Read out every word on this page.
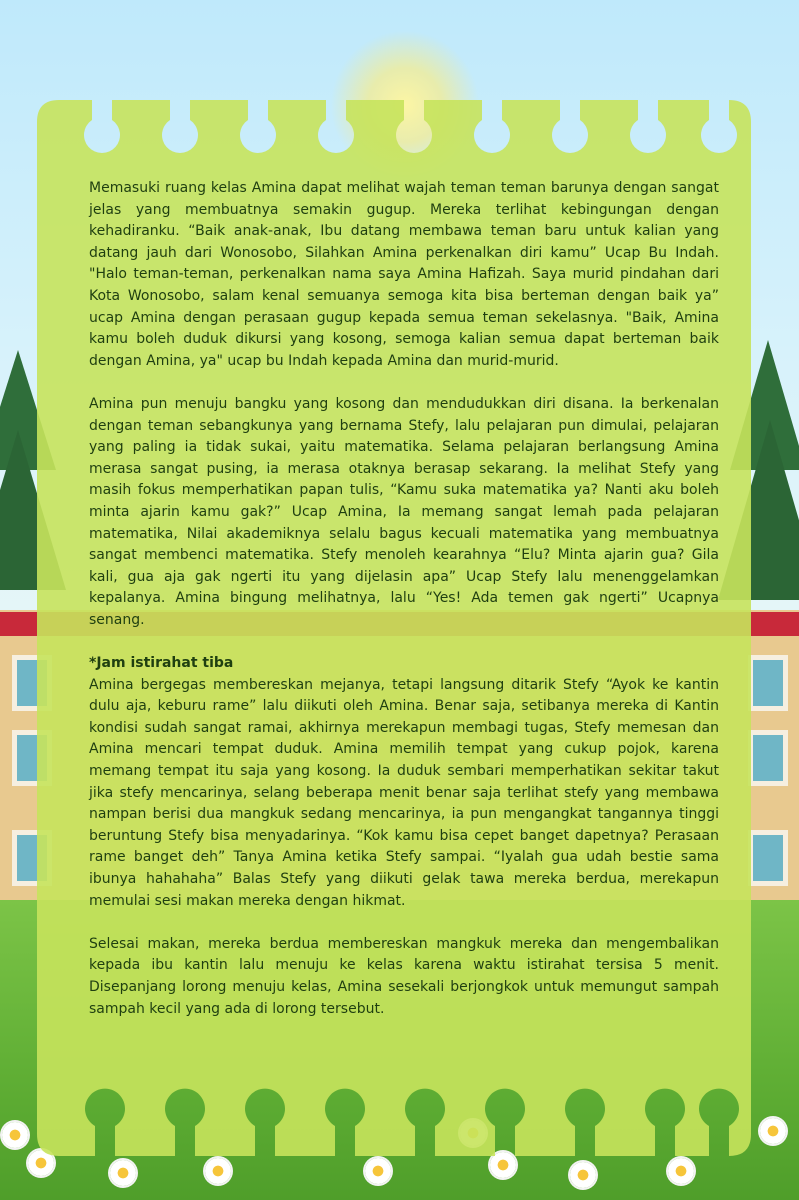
Memasuki ruang kelas Amina dapat melihat wajah teman teman barunya dengan sangat jelas yang membuatnya semakin gugup. Mereka terlihat kebingungan dengan kehadiranku. “Baik anak-anak, Ibu datang membawa teman baru untuk kalian yang datang jauh dari Wonosobo, Silahkan Amina perkenalkan diri kamu” Ucap Bu Indah. "Halo teman-teman, perkenalkan nama saya Amina Hafizah. Saya murid pindahan dari Kota Wonosobo, salam kenal semuanya semoga kita bisa berteman dengan baik ya” ucap Amina dengan perasaan gugup kepada semua teman sekelasnya. "Baik, Amina kamu boleh duduk dikursi yang kosong, semoga kalian semua dapat berteman baik dengan Amina, ya" ucap bu Indah kepada Amina dan murid-murid.

Amina pun menuju bangku yang kosong dan mendudukkan diri disana. Ia berkenalan dengan teman sebangkunya yang bernama Stefy, lalu pelajaran pun dimulai, pelajaran yang paling ia tidak sukai, yaitu matematika. Selama pelajaran berlangsung Amina merasa sangat pusing, ia merasa otaknya berasap sekarang. Ia melihat Stefy yang masih fokus memperhatikan papan tulis, “Kamu suka matematika ya? Nanti aku boleh minta ajarin kamu gak?” Ucap Amina, Ia memang sangat lemah pada pelajaran matematika, Nilai akademiknya selalu bagus kecuali matematika yang membuatnya sangat membenci matematika. Stefy menoleh kearahnya “Elu? Minta ajarin gua? Gila kali, gua aja gak ngerti itu yang dijelasin apa” Ucap Stefy lalu menenggelamkan kepalanya. Amina bingung melihatnya, lalu “Yes! Ada temen gak ngerti” Ucapnya senang.

*Jam istirahat tiba

Amina bergegas membereskan mejanya, tetapi langsung ditarik Stefy “Ayok ke kantin dulu aja, keburu rame” lalu diikuti oleh Amina. Benar saja, setibanya mereka di Kantin kondisi sudah sangat ramai, akhirnya merekapun membagi tugas, Stefy memesan dan Amina mencari tempat duduk. Amina memilih tempat yang cukup pojok, karena memang tempat itu saja yang kosong. Ia duduk sembari memperhatikan sekitar takut jika stefy mencarinya, selang beberapa menit benar saja terlihat stefy yang membawa nampan berisi dua mangkuk sedang mencarinya, ia pun mengangkat tangannya tinggi beruntung Stefy bisa menyadarinya. “Kok kamu bisa cepet banget dapetnya? Perasaan rame banget deh” Tanya Amina ketika Stefy sampai. “Iyalah gua udah bestie sama ibunya hahahaha” Balas Stefy yang diikuti gelak tawa mereka berdua, merekapun memulai sesi makan mereka dengan hikmat.

Selesai makan, mereka berdua membereskan mangkuk mereka dan mengembalikan kepada ibu kantin lalu menuju ke kelas karena waktu istirahat tersisa 5 menit. Disepanjang lorong menuju kelas, Amina sesekali berjongkok untuk memungut sampah sampah kecil yang ada di lorong tersebut.
